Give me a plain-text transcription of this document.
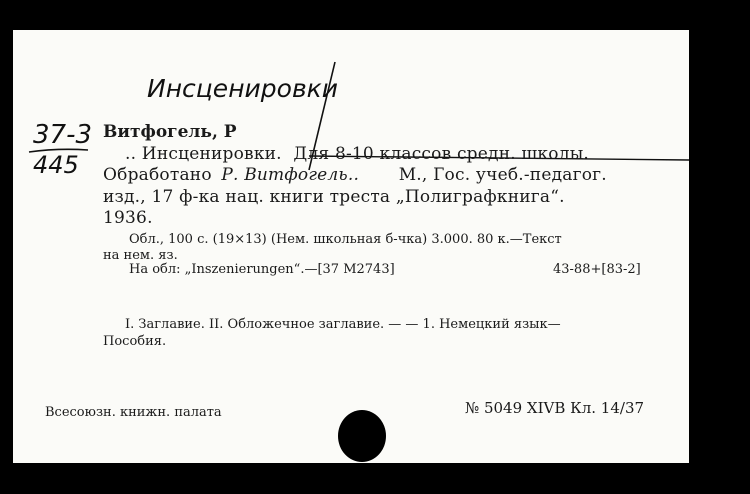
Инсценировки
37-3
445
Витфогель, Р
.. Инсценировки. Для 8-10 классов средн. школы.
Обработано Р. Витфогель.. М., Гос. учеб.-педагог.
изд., 17 ф-ка нац. книги треста „Полиграфкнига“.
1936.
Обл., 100 с. (19×13) (Нем. школьная б-чка) 3.000. 80 к.—Текст
на нем. яз.
На обл: „Inszenierungen“.—[37 М2743]	43-88+[83-2]
I. Заглавие. II. Обложечное заглавие. — — 1. Немецкий язык—
Пособия.
Всесоюзн. книжн. палата	№ 5049 XIVB Кл. 14/37
